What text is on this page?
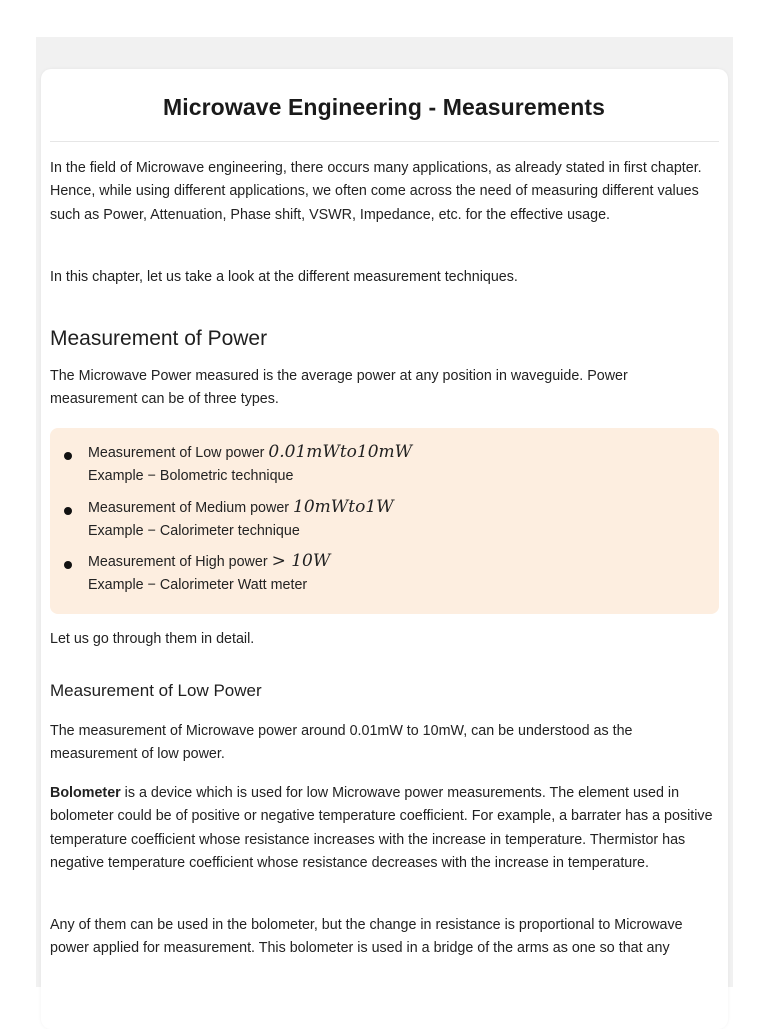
Microwave Engineering - Measurements
In the field of Microwave engineering, there occurs many applications, as already stated in first chapter. Hence, while using different applications, we often come across the need of measuring different values such as Power, Attenuation, Phase shift, VSWR, Impedance, etc. for the effective usage.
In this chapter, let us take a look at the different measurement techniques.
Measurement of Power
The Microwave Power measured is the average power at any position in waveguide. Power measurement can be of three types.
Measurement of Low power 0.01mWto10mW
Example − Bolometric technique
Measurement of Medium power 10mWto1W
Example − Calorimeter technique
Measurement of High power > 10W
Example − Calorimeter Watt meter
Let us go through them in detail.
Measurement of Low Power
The measurement of Microwave power around 0.01mW to 10mW, can be understood as the measurement of low power.
Bolometer is a device which is used for low Microwave power measurements. The element used in bolometer could be of positive or negative temperature coefficient. For example, a barrater has a positive temperature coefficient whose resistance increases with the increase in temperature. Thermistor has negative temperature coefficient whose resistance decreases with the increase in temperature.
Any of them can be used in the bolometer, but the change in resistance is proportional to Microwave power applied for measurement. This bolometer is used in a bridge of the arms as one so that any
